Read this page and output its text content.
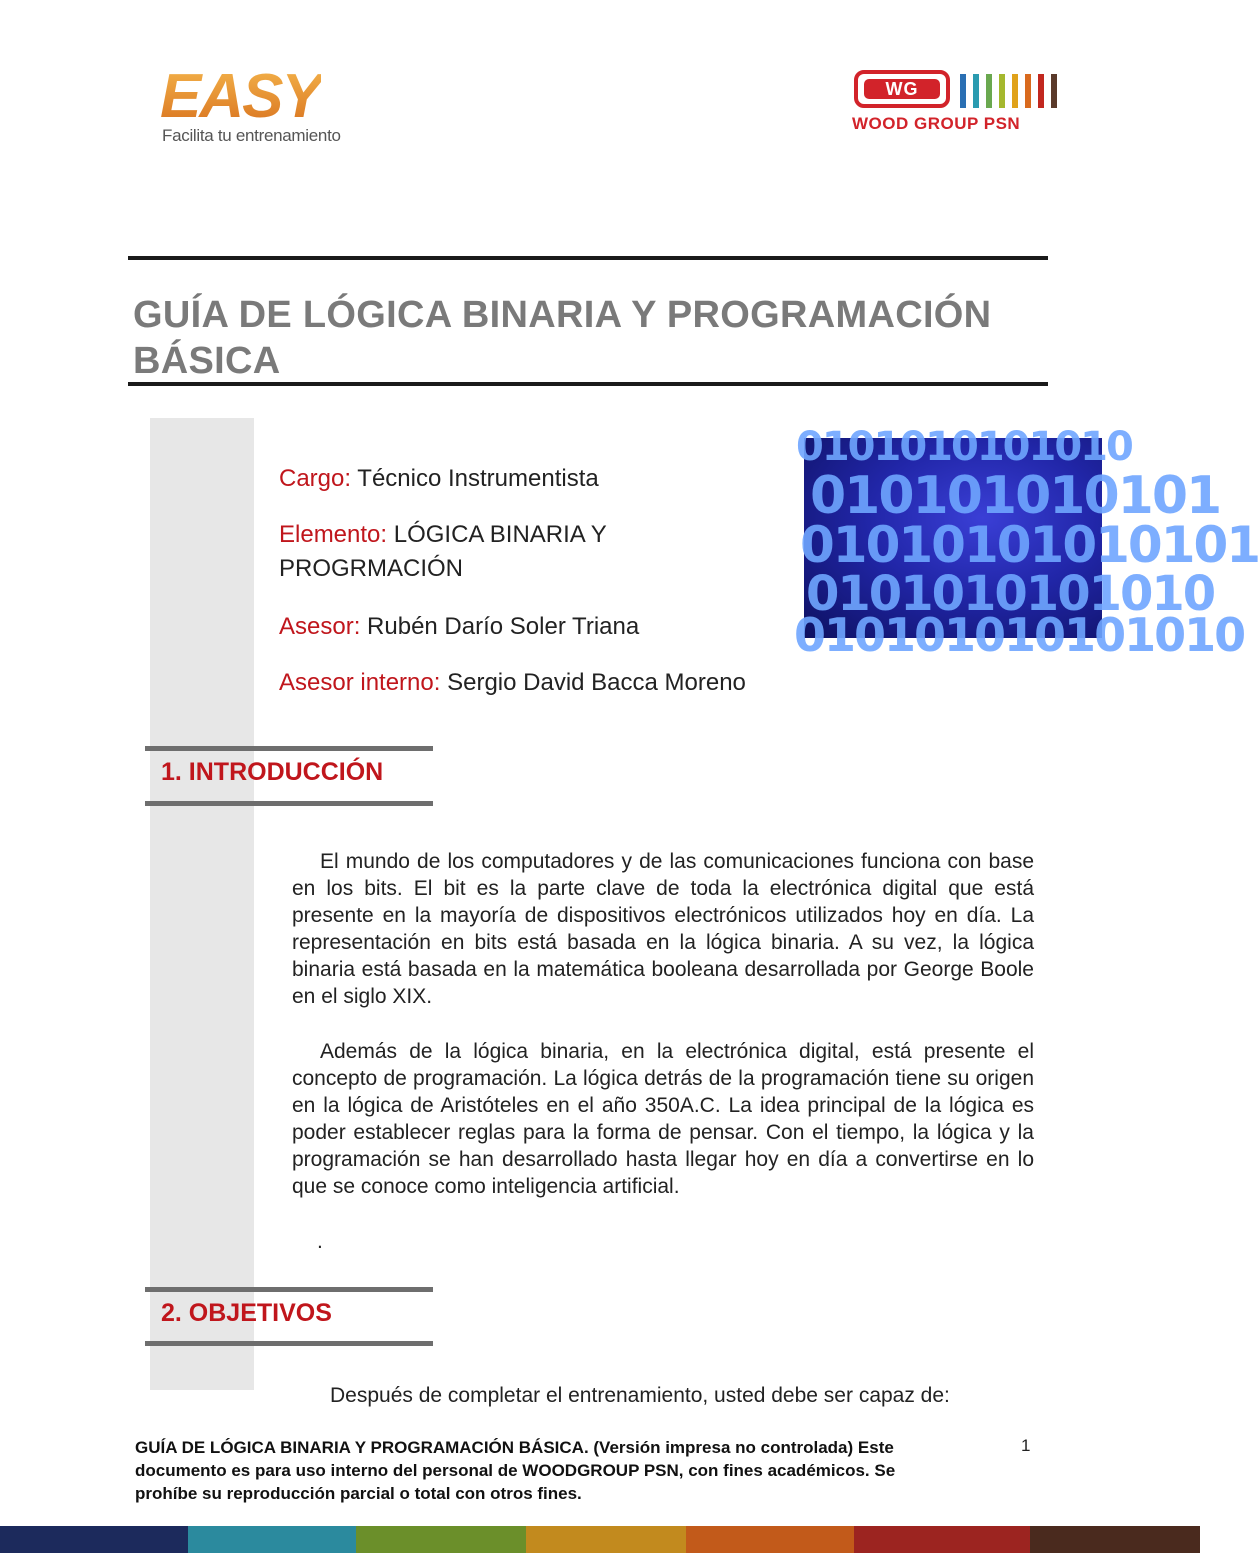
EASY
Facilita tu entrenamiento
WG
WOOD GROUP PSN
GUÍA DE LÓGICA BINARIA Y PROGRAMACIÓN BÁSICA
Cargo: Técnico Instrumentista
Elemento: LÓGICA BINARIA Y PROGRMACIÓN
Asesor: Rubén Darío Soler Triana
Asesor interno: Sergio David Bacca Moreno
0101010101010
010101010101
01010101010101
0101010101010
010101010101010
1. INTRODUCCIÓN

El mundo de los computadores y de las comunicaciones funciona con base en los bits. El bit es la parte clave de toda la electrónica digital que está presente en la mayoría de dispositivos electrónicos utilizados hoy en día. La representación en bits está basada en la lógica binaria. A su vez, la lógica binaria está basada en la matemática booleana desarrollada por George Boole en el siglo XIX.

Además de la lógica binaria, en la electrónica digital, está presente el concepto de programación. La lógica detrás de la programación tiene su origen en la lógica de Aristóteles en el año 350A.C. La idea principal de la lógica es poder establecer reglas para la forma de pensar. Con el tiempo, la lógica y la programación se han desarrollado hasta llegar hoy en día a convertirse en lo que se conoce como inteligencia artificial.

.
2. OBJETIVOS
Después de completar el entrenamiento, usted debe ser capaz de:
GUÍA DE LÓGICA BINARIA Y PROGRAMACIÓN BÁSICA. (Versión impresa no controlada) Este documento es para uso interno del personal de WOODGROUP PSN, con fines académicos. Se prohíbe su reproducción parcial o total con otros fines.
1
